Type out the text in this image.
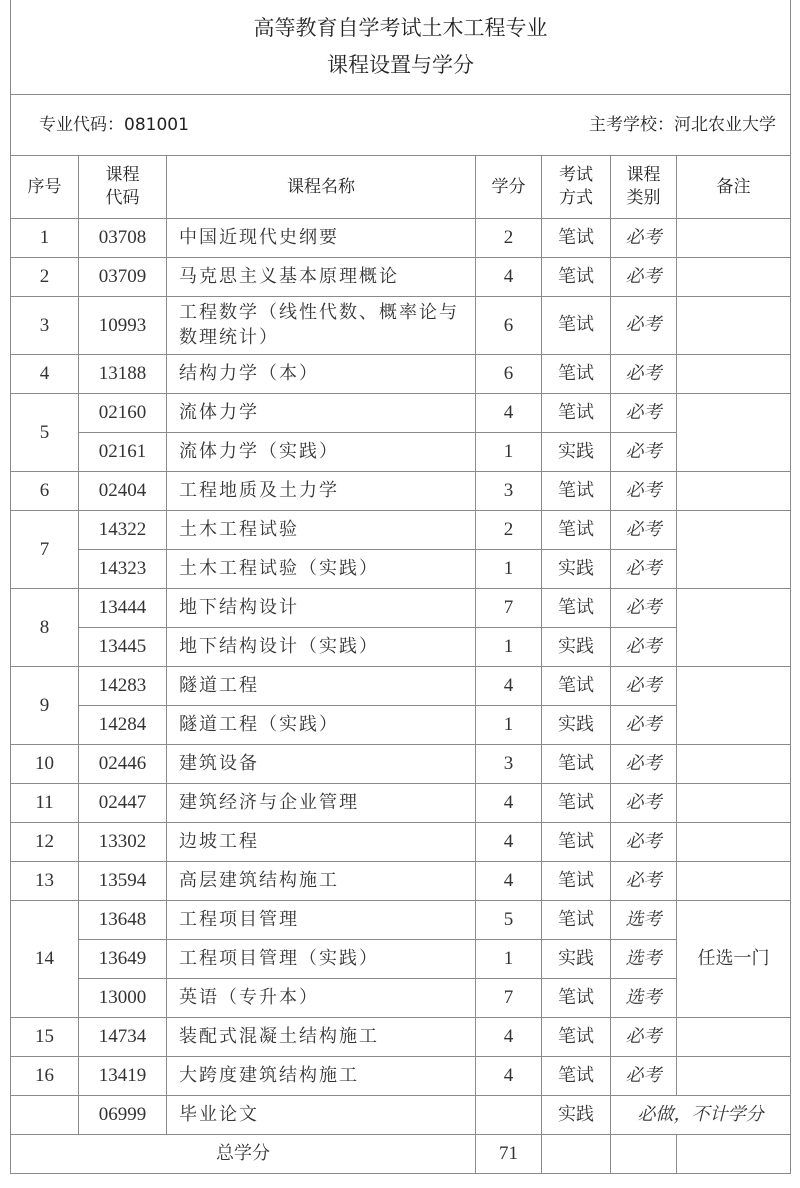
高等教育自学考试土木工程专业
课程设置与学分						

专业代码：081001 主考学校：河北农业大学						

序号	课程代码	课程名称	学分	考试方式	课程类别	备注
1	03708	中国近现代史纲要	2	笔试	必考	
2	03709	马克思主义基本原理概论	4	笔试	必考	
3	10993	工程数学（线性代数、概率论与数理统计）	6	笔试	必考	
4	13188	结构力学（本）	6	笔试	必考	
5	02160	流体力学	4	笔试	必考	
	02161	流体力学（实践）	1	实践	必考	
6	02404	工程地质及土力学	3	笔试	必考	
7	14322	土木工程试验	2	笔试	必考	
	14323	土木工程试验（实践）	1	实践	必考	
8	13444	地下结构设计	7	笔试	必考	
	13445	地下结构设计（实践）	1	实践	必考	
9	14283	隧道工程	4	笔试	必考	
	14284	隧道工程（实践）	1	实践	必考	
10	02446	建筑设备	3	笔试	必考	
11	02447	建筑经济与企业管理	4	笔试	必考	
12	13302	边坡工程	4	笔试	必考	
13	13594	高层建筑结构施工	4	笔试	必考	
14	13648	工程项目管理	5	笔试	选考	任选一门
	13649	工程项目管理（实践）	1	实践	选考	
	13000	英语（专升本）	7	笔试	选考	
15	14734	装配式混凝土结构施工	4	笔试	必考	
16	13419	大跨度建筑结构施工	4	笔试	必考	
	06999	毕业论文		实践	必做，不计学分	
总学分			71			
